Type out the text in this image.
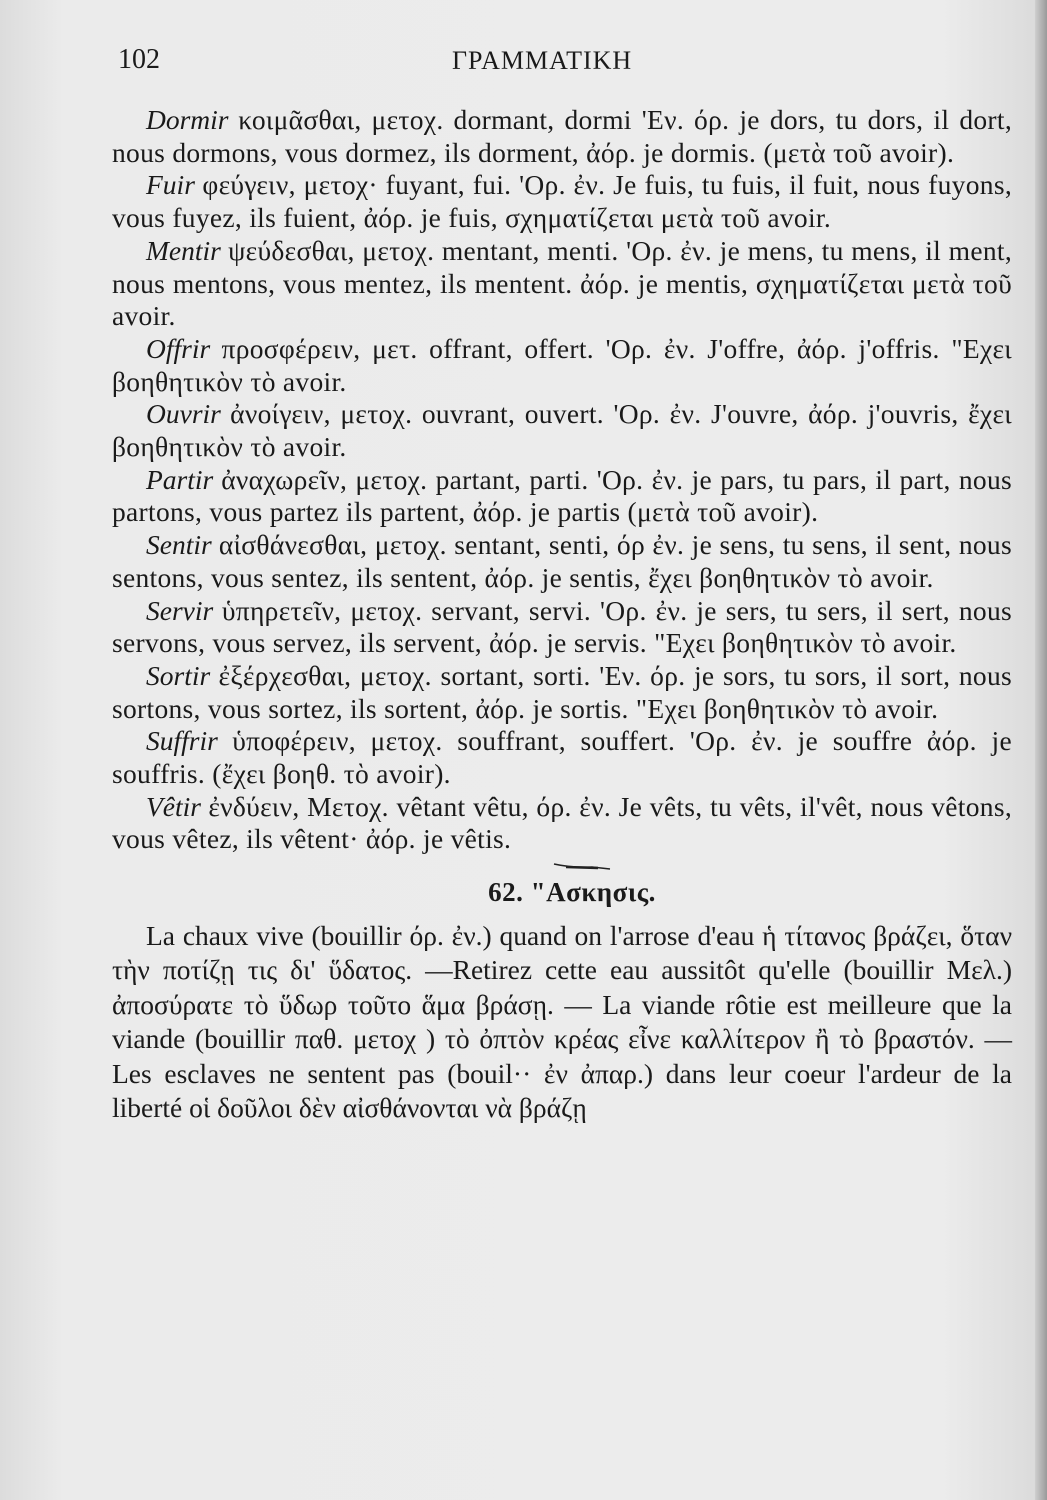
102	ΓΡΑΜΜΑΤΙΚΗ

Dormir κοιμᾶσθαι, μετοχ. dormant, dormi 'Εν. όρ. je dors, tu dors, il dort, nous dormons, vous dormez, ils dorment, ἀόρ. je dormis. (μετὰ τοῦ avoir).

Fuir φεύγειν, μετοχ· fuyant, fui. 'Ορ. ἐν. Je fuis, tu fuis, il fuit, nous fuyons, vous fuyez, ils fuient, ἀόρ. je fuis, σχηματίζεται μετὰ τοῦ avoir.

Mentir ψεύδεσθαι, μετοχ. mentant, menti. 'Ορ. ἐν. je mens, tu mens, il ment, nous mentons, vous mentez, ils mentent. ἀόρ. je mentis, σχηματίζεται μετὰ τοῦ avoir.

Offrir προσφέρειν, μετ. offrant, offert. 'Ορ. ἐν. J'offre, ἀόρ. j'offris. "Εχει βοηθητικὸν τὸ avoir.

Ouvrir ἀνοίγειν, μετοχ. ouvrant, ouvert. 'Ορ. ἐν. J'ouvre, ἀόρ. j'ouvris, ἔχει βοηθητικὸν τὸ avoir.

Partir ἀναχωρεῖν, μετοχ. partant, parti. 'Ορ. ἐν. je pars, tu pars, il part, nous partons, vous partez ils partent, ἀόρ. je partis (μετὰ τοῦ avoir).

Sentir αἰσθάνεσθαι, μετοχ. sentant, senti, όρ ἐν. je sens, tu sens, il sent, nous sentons, vous sentez, ils sentent, ἀόρ. je sentis, ἔχει βοηθητικὸν τὸ avoir.

Servir ὑπηρετεῖν, μετοχ. servant, servi. 'Ορ. ἐν. je sers, tu sers, il sert, nous servons, vous servez, ils servent, ἀόρ. je servis. "Εχει βοηθητικὸν τὸ avoir.

Sortir ἐξέρχεσθαι, μετοχ. sortant, sorti. 'Εν. όρ. je sors, tu sors, il sort, nous sortons, vous sortez, ils sortent, ἀόρ. je sortis. "Εχει βοηθητικὸν τὸ avoir.

Suffrir ὑποφέρειν, μετοχ. souffrant, souffert. 'Ορ. ἐν. je souffre ἀόρ. je souffris. (ἔχει βοηθ. τὸ avoir).

Vêtir ἐνδύειν, Μετοχ. vêtant vêtu, όρ. ἐν. Je vêts, tu vêts, il'vêt, nous vêtons, vous vêtez, ils vêtent· ἀόρ. je vêtis.

62. "Ασκησις.

La chaux vive (bouillir όρ. ἐν.) quand on l'arrose d'eau ἡ τίτανος βράζει, ὅταν τὴν ποτίζῃ τις δι' ὕδατος. —Retirez cette eau aussitôt qu'elle (bouillir Μελ.) ἀποσύρατε τὸ ὕδωρ τοῦτο ἅμα βράσῃ. — La viande rôtie est meilleure que la viande (bouillir παθ. μετοχ ) τὸ ὀπτὸν κρέας εἶνε καλλίτερον ἢ τὸ βραστόν. —Les esclaves ne sentent pas (bouil·· ἐν ἀπαρ.) dans leur coeur l'ardeur de la liberté οἱ δοῦλοι δὲν αἰσθάνονται νὰ βράζῃ
